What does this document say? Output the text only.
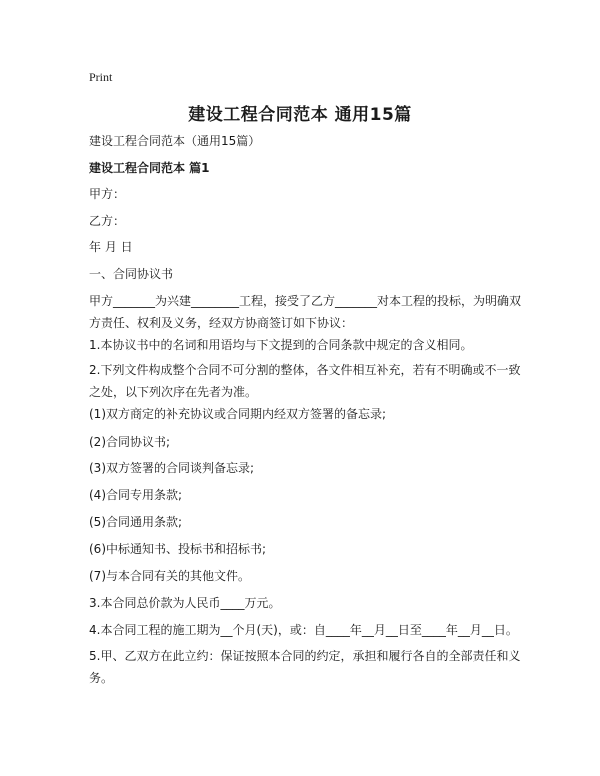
Print
建设工程合同范本 通用15篇
建设工程合同范本（通用15篇）
建设工程合同范本 篇1
甲方：
乙方：
年 月 日
一、合同协议书
甲方_______为兴建________工程，接受了乙方_______对本工程的投标，为明确双
方责任、权利及义务，经双方协商签订如下协议：
1.本协议书中的名词和用语均与下文提到的合同条款中规定的含义相同。
2.下列文件构成整个合同不可分割的整体，各文件相互补充，若有不明确或不一致
之处，以下列次序在先者为准。
(1)双方商定的补充协议或合同期内经双方签署的备忘录;
(2)合同协议书;
(3)双方签署的合同谈判备忘录;
(4)合同专用条款;
(5)合同通用条款;
(6)中标通知书、投标书和招标书;
(7)与本合同有关的其他文件。
3.本合同总价款为人民币____万元。
4.本合同工程的施工期为__个月(天)，或：自____年__月__日至____年__月__日。
5.甲、乙双方在此立约：保证按照本合同的约定，承担和履行各自的全部责任和义
务。
